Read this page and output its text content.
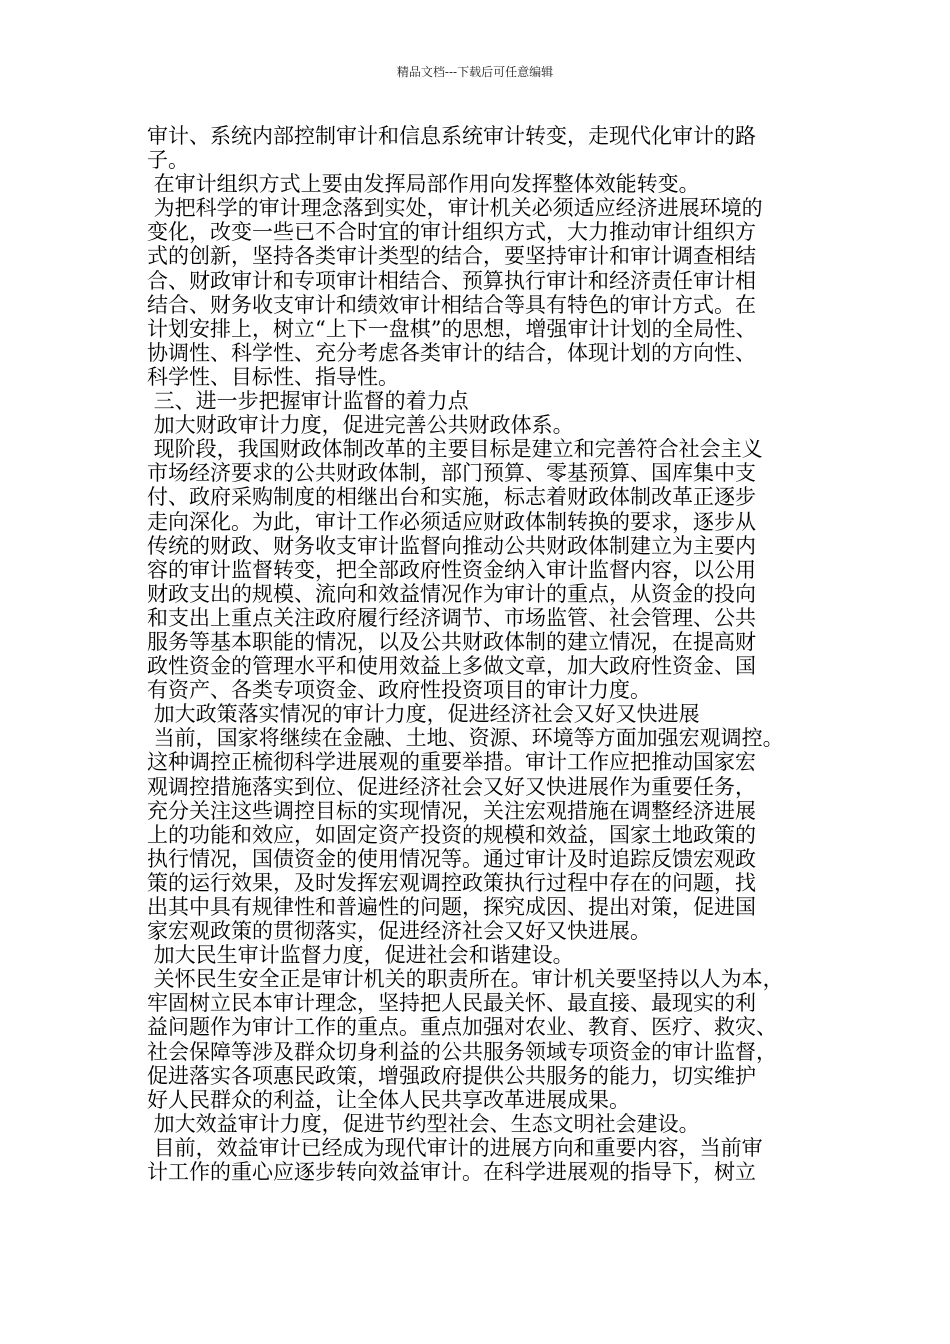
精品文档---下载后可任意编辑
审计、系统内部控制审计和信息系统审计转变，走现代化审计的路
子。
在审计组织方式上要由发挥局部作用向发挥整体效能转变。
为把科学的审计理念落到实处，审计机关必须适应经济进展环境的
变化，改变一些已不合时宜的审计组织方式，大力推动审计组织方
式的创新，坚持各类审计类型的结合，要坚持审计和审计调查相结
合、财政审计和专项审计相结合、预算执行审计和经济责任审计相
结合、财务收支审计和绩效审计相结合等具有特色的审计方式。在
计划安排上，树立“上下一盘棋”的思想，增强审计计划的全局性、
协调性、科学性、充分考虑各类审计的结合，体现计划的方向性、
科学性、目标性、指导性。
三、进一步把握审计监督的着力点
加大财政审计力度，促进完善公共财政体系。
现阶段，我国财政体制改革的主要目标是建立和完善符合社会主义
市场经济要求的公共财政体制，部门预算、零基预算、国库集中支
付、政府采购制度的相继出台和实施，标志着财政体制改革正逐步
走向深化。为此，审计工作必须适应财政体制转换的要求，逐步从
传统的财政、财务收支审计监督向推动公共财政体制建立为主要内
容的审计监督转变，把全部政府性资金纳入审计监督内容，以公用
财政支出的规模、流向和效益情况作为审计的重点，从资金的投向
和支出上重点关注政府履行经济调节、市场监管、社会管理、公共
服务等基本职能的情况，以及公共财政体制的建立情况，在提高财
政性资金的管理水平和使用效益上多做文章，加大政府性资金、国
有资产、各类专项资金、政府性投资项目的审计力度。
加大政策落实情况的审计力度，促进经济社会又好又快进展
当前，国家将继续在金融、土地、资源、环境等方面加强宏观调控。
这种调控正梳彻科学进展观的重要举措。审计工作应把推动国家宏
观调控措施落实到位、促进经济社会又好又快进展作为重要任务，
充分关注这些调控目标的实现情况，关注宏观措施在调整经济进展
上的功能和效应，如固定资产投资的规模和效益，国家土地政策的
执行情况，国债资金的使用情况等。通过审计及时追踪反馈宏观政
策的运行效果，及时发挥宏观调控政策执行过程中存在的问题，找
出其中具有规律性和普遍性的问题，探究成因、提出对策，促进国
家宏观政策的贯彻落实，促进经济社会又好又快进展。
加大民生审计监督力度，促进社会和谐建设。
关怀民生安全正是审计机关的职责所在。审计机关要坚持以人为本，
牢固树立民本审计理念，坚持把人民最关怀、最直接、最现实的利
益问题作为审计工作的重点。重点加强对农业、教育、医疗、救灾、
社会保障等涉及群众切身利益的公共服务领域专项资金的审计监督，
促进落实各项惠民政策，增强政府提供公共服务的能力，切实维护
好人民群众的利益，让全体人民共享改革进展成果。
加大效益审计力度，促进节约型社会、生态文明社会建设。
目前，效益审计已经成为现代审计的进展方向和重要内容，当前审
计工作的重心应逐步转向效益审计。在科学进展观的指导下，树立
